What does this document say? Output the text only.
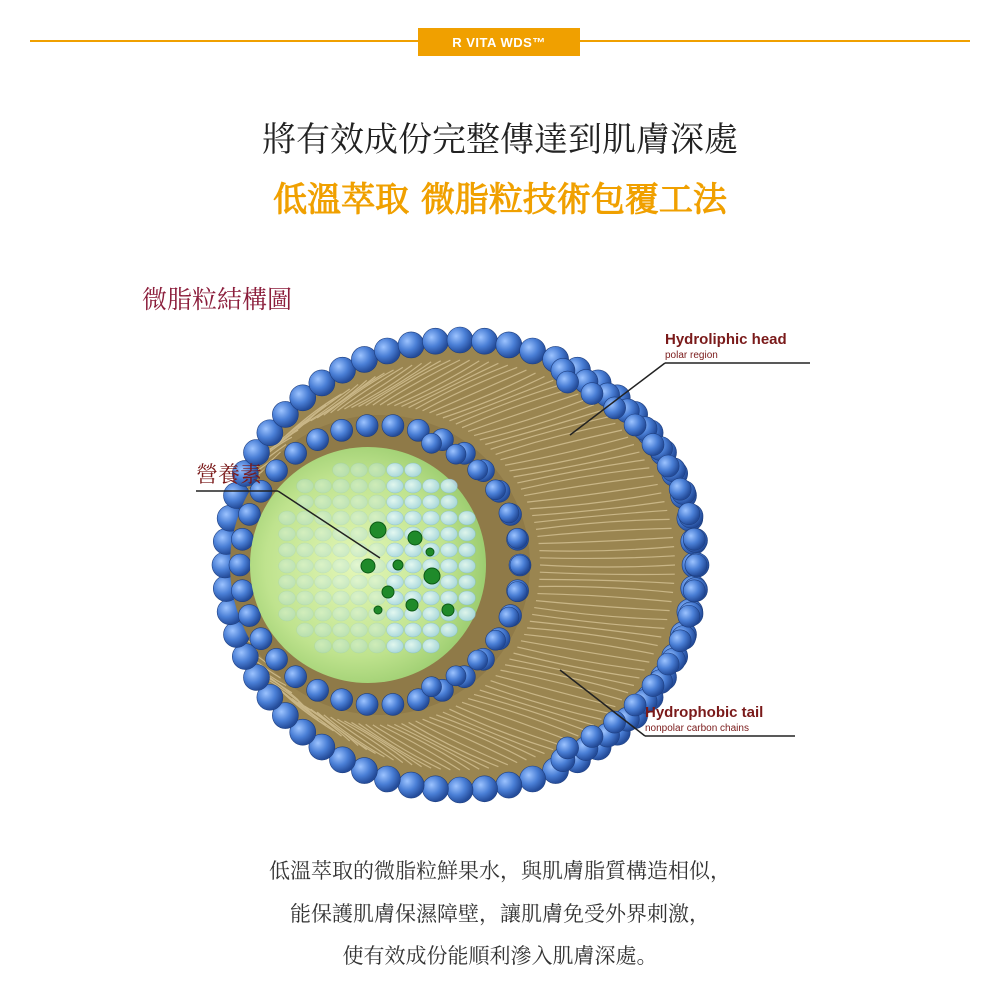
R VITA WDS™
將有效成份完整傳達到肌膚深處
低溫萃取 微脂粒技術包覆工法
微脂粒結構圖
營養素
Hydroliphic head
polar region
Hydrophobic tail
nonpolar carbon chains
低溫萃取的微脂粒鮮果水，與肌膚脂質構造相似，
能保護肌膚保濕障壁，讓肌膚免受外界刺激，
使有效成份能順利滲入肌膚深處。
